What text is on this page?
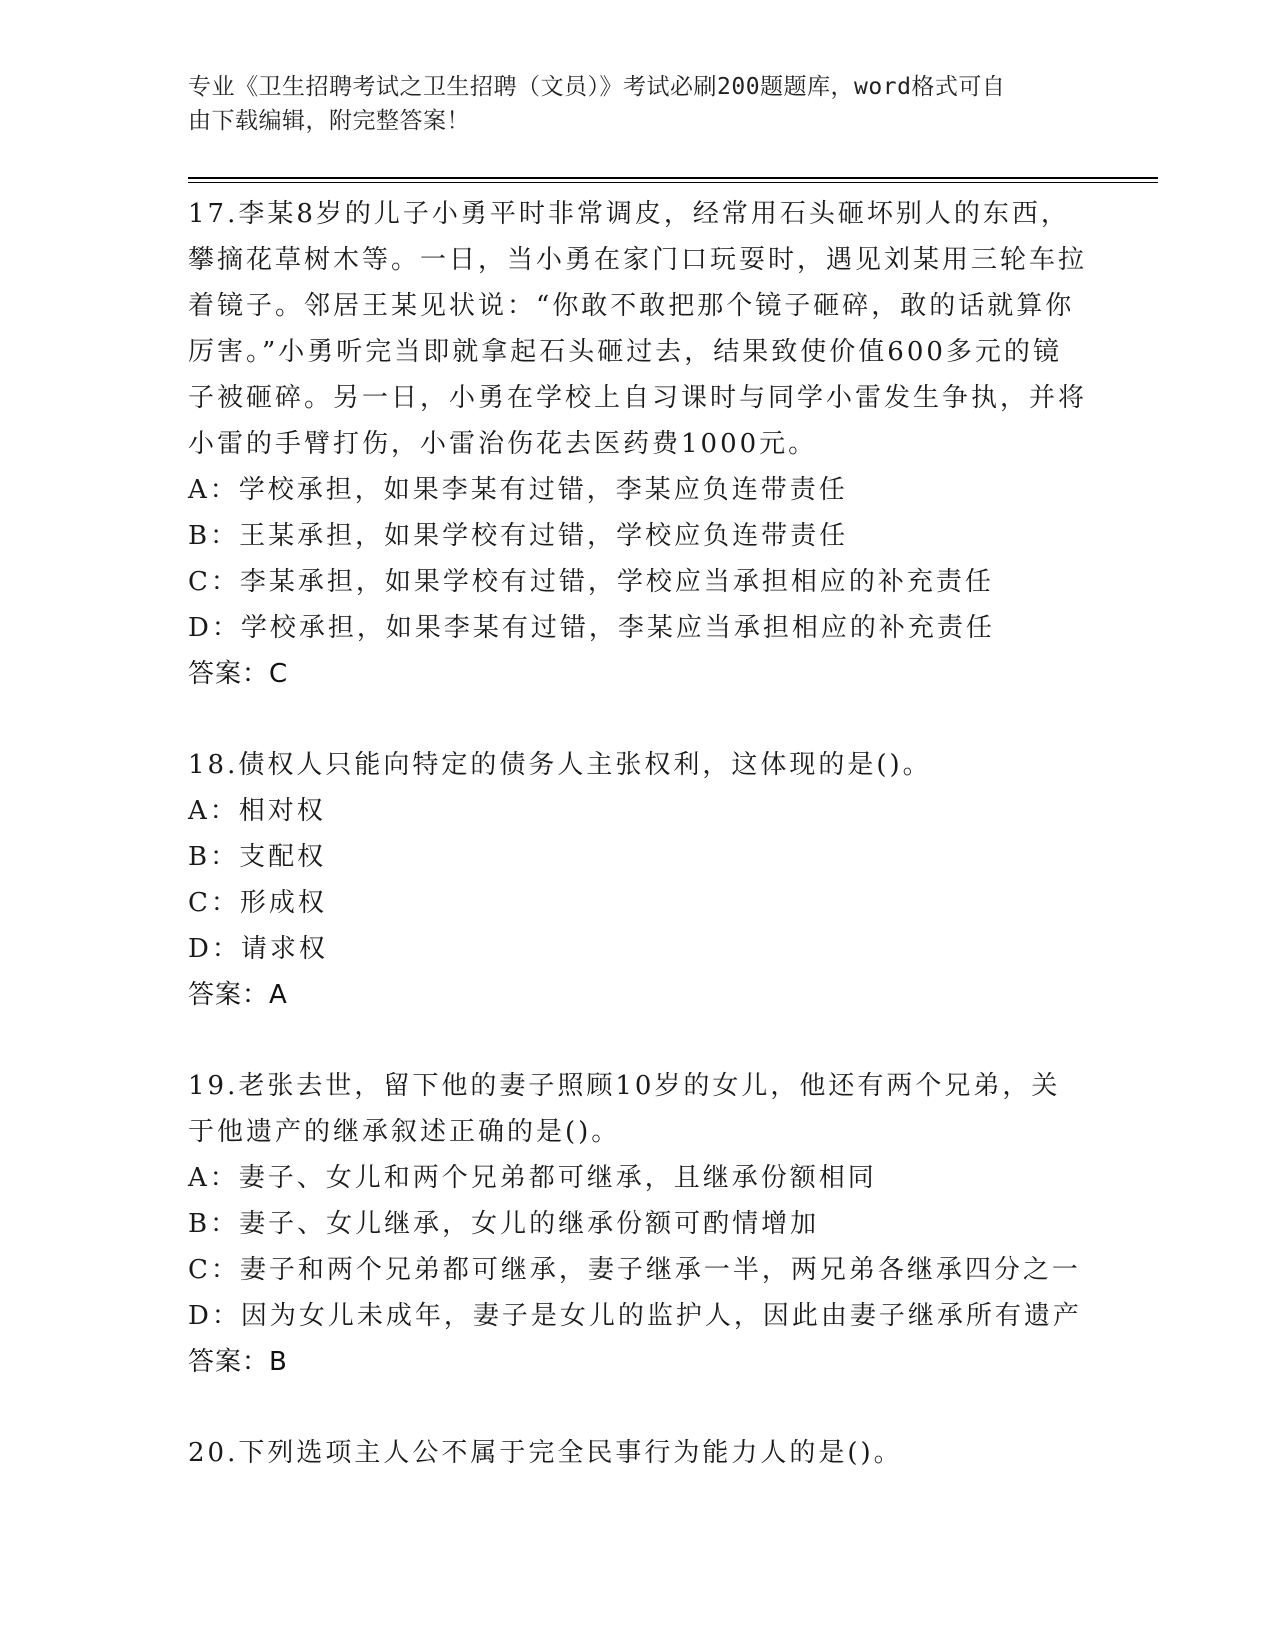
专业《卫生招聘考试之卫生招聘（文员）》考试必刷200题题库，word格式可自
由下载编辑，附完整答案！

17.李某8岁的儿子小勇平时非常调皮，经常用石头砸坏别人的东西，攀摘花草树木等。一日，当小勇在家门口玩耍时，遇见刘某用三轮车拉着镜子。邻居王某见状说：“你敢不敢把那个镜子砸碎，敢的话就算你厉害。”小勇听完当即就拿起石头砸过去，结果致使价值600多元的镜子被砸碎。另一日，小勇在学校上自习课时与同学小雷发生争执，并将小雷的手臂打伤，小雷治伤花去医药费1000元。

A：学校承担，如果李某有过错，李某应负连带责任

B：王某承担，如果学校有过错，学校应负连带责任

C：李某承担，如果学校有过错，学校应当承担相应的补充责任

D：学校承担，如果李某有过错，李某应当承担相应的补充责任

答案：C

18.债权人只能向特定的债务人主张权利，这体现的是()。

A：相对权

B：支配权

C：形成权

D：请求权

答案：A

19.老张去世，留下他的妻子照顾10岁的女儿，他还有两个兄弟，关于他遗产的继承叙述正确的是()。

A：妻子、女儿和两个兄弟都可继承，且继承份额相同

B：妻子、女儿继承，女儿的继承份额可酌情增加

C：妻子和两个兄弟都可继承，妻子继承一半，两兄弟各继承四分之一

D：因为女儿未成年，妻子是女儿的监护人，因此由妻子继承所有遗产

答案：B

20.下列选项主人公不属于完全民事行为能力人的是()。
